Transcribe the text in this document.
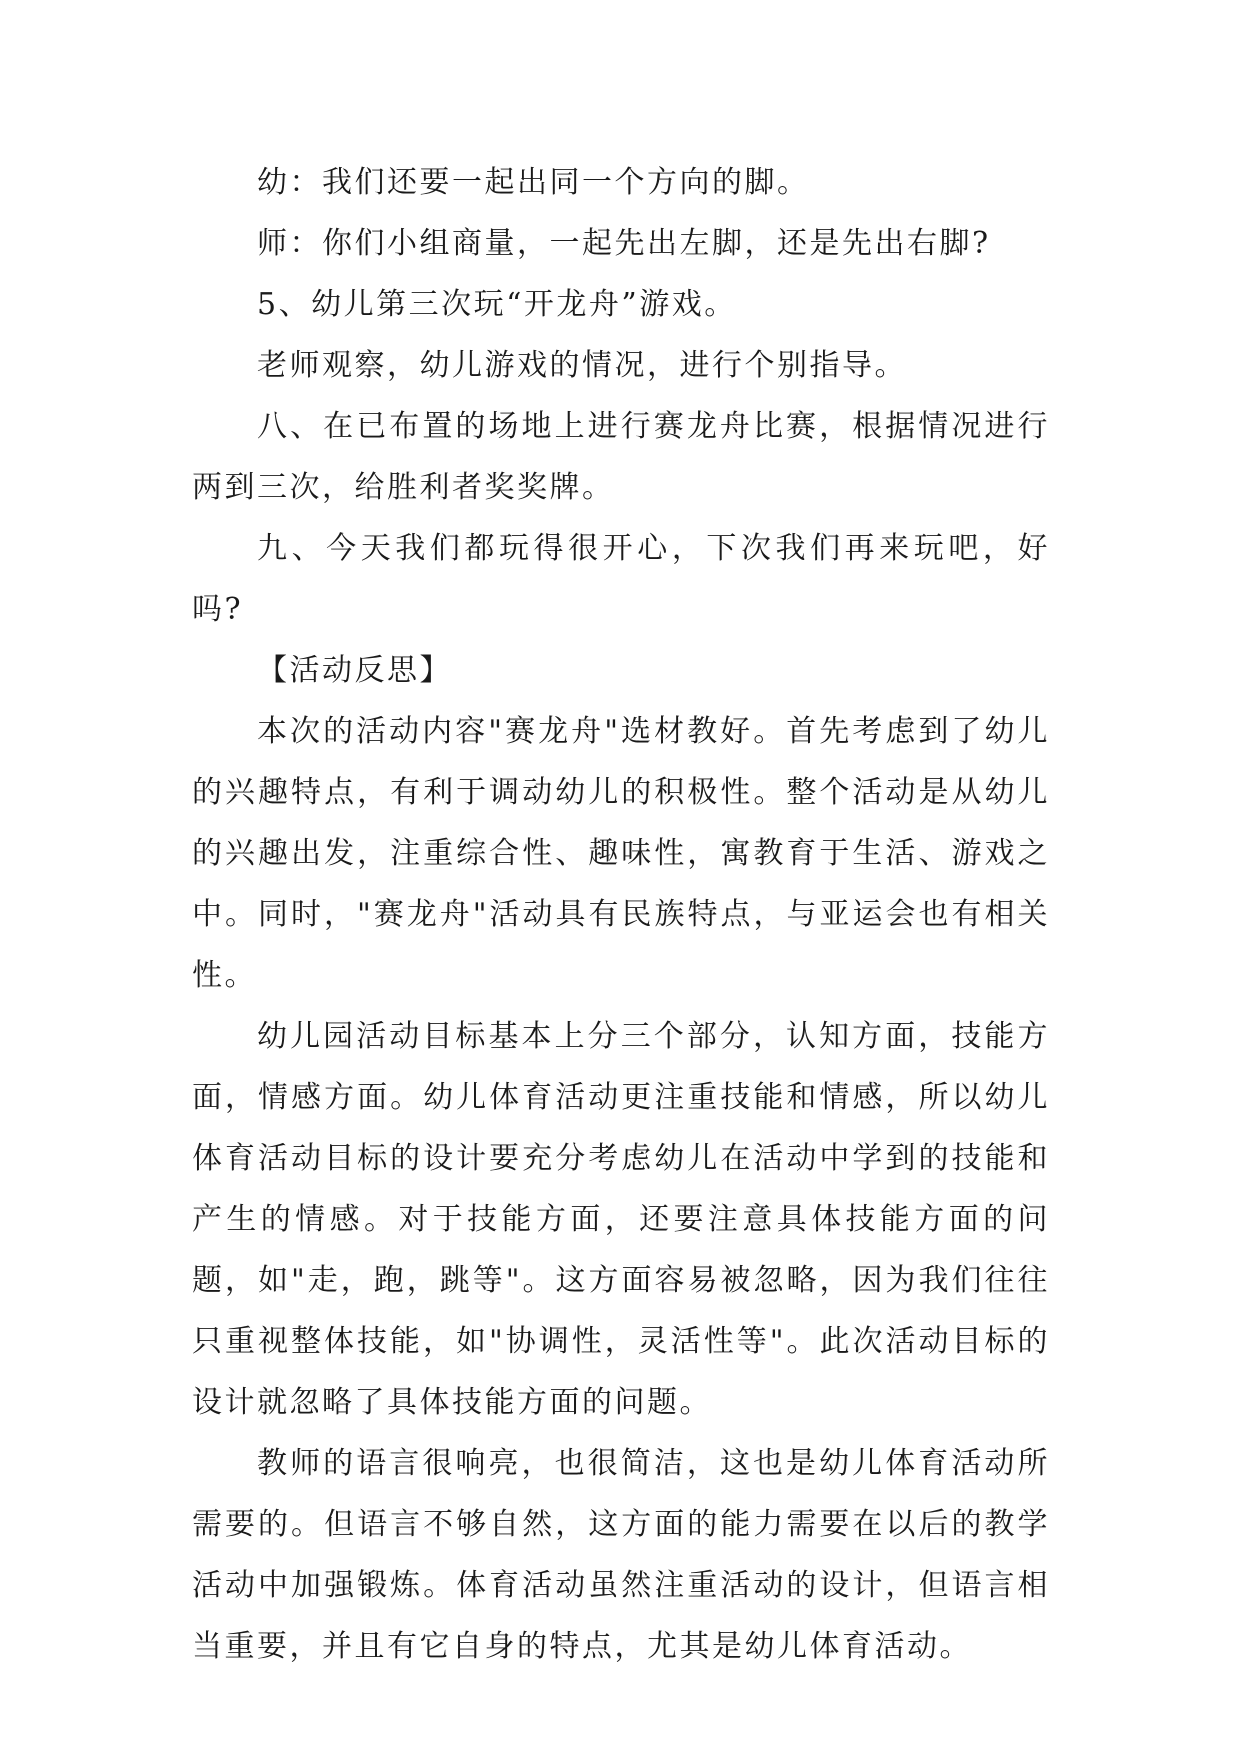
幼：我们还要一起出同一个方向的脚。

师：你们小组商量，一起先出左脚，还是先出右脚?

5、幼儿第三次玩“开龙舟”游戏。

老师观察，幼儿游戏的情况，进行个别指导。

八、在已布置的场地上进行赛龙舟比赛，根据情况进行两到三次，给胜利者奖奖牌。

九、今天我们都玩得很开心，下次我们再来玩吧，好吗?

【活动反思】

本次的活动内容"赛龙舟"选材教好。首先考虑到了幼儿的兴趣特点，有利于调动幼儿的积极性。整个活动是从幼儿的兴趣出发，注重综合性、趣味性，寓教育于生活、游戏之中。同时，"赛龙舟"活动具有民族特点，与亚运会也有相关性。

幼儿园活动目标基本上分三个部分，认知方面，技能方面，情感方面。幼儿体育活动更注重技能和情感，所以幼儿体育活动目标的设计要充分考虑幼儿在活动中学到的技能和产生的情感。对于技能方面，还要注意具体技能方面的问题，如"走，跑，跳等"。这方面容易被忽略，因为我们往往只重视整体技能，如"协调性，灵活性等"。此次活动目标的设计就忽略了具体技能方面的问题。

教师的语言很响亮，也很简洁，这也是幼儿体育活动所需要的。但语言不够自然，这方面的能力需要在以后的教学活动中加强锻炼。体育活动虽然注重活动的设计，但语言相当重要，并且有它自身的特点，尤其是幼儿体育活动。
